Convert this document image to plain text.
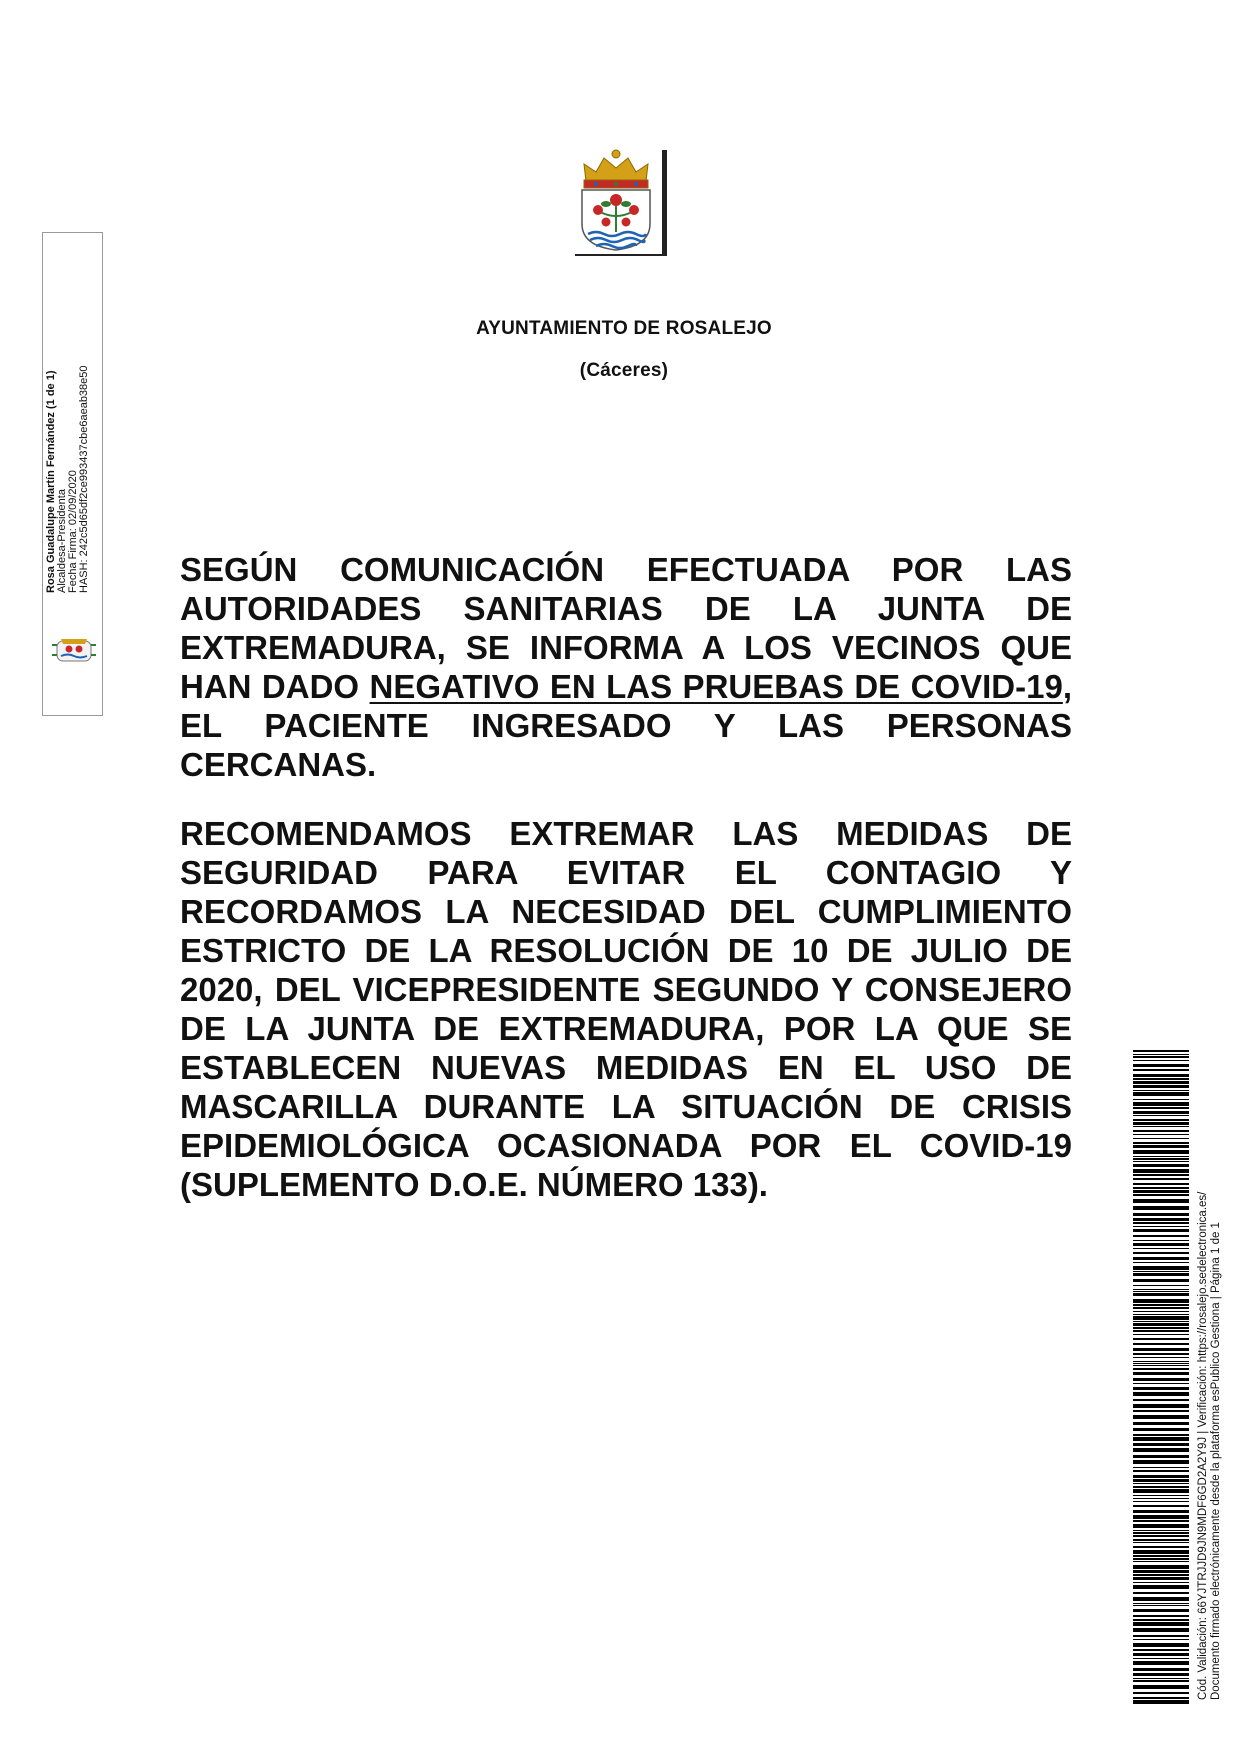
AYUNTAMIENTO DE ROSALEJO
(Cáceres)
SEGÚN COMUNICACIÓN EFECTUADA POR LAS AUTORIDADES SANITARIAS DE LA JUNTA DE EXTREMADURA, SE INFORMA A LOS VECINOS QUE HAN DADO NEGATIVO EN LAS PRUEBAS DE COVID-19, EL PACIENTE INGRESADO Y LAS PERSONAS CERCANAS.
RECOMENDAMOS EXTREMAR LAS MEDIDAS DE SEGURIDAD PARA EVITAR EL CONTAGIO Y RECORDAMOS LA NECESIDAD DEL CUMPLIMIENTO ESTRICTO DE LA RESOLUCIÓN DE 10 DE JULIO DE 2020, DEL VICEPRESIDENTE SEGUNDO Y CONSEJERO DE LA JUNTA DE EXTREMADURA, POR LA QUE SE ESTABLECEN NUEVAS MEDIDAS EN EL USO DE MASCARILLA DURANTE LA SITUACIÓN DE CRISIS EPIDEMIOLÓGICA OCASIONADA POR EL COVID-19 (SUPLEMENTO D.O.E. NÚMERO 133).
Rosa Guadalupe Martín Fernández (1 de 1) Alcaldesa-Presidenta Fecha Firma: 02/09/2020 HASH: 242c5d65df2ce993437cbe6aeab38e50
Cód. Validación: 66YJTRJJD9JN9MDF6GD2A2Y9J | Verificación: https://rosalejo.sedelectronica.es/ Documento firmado electrónicamente desde la plataforma esPublico Gestiona | Página 1 de 1
